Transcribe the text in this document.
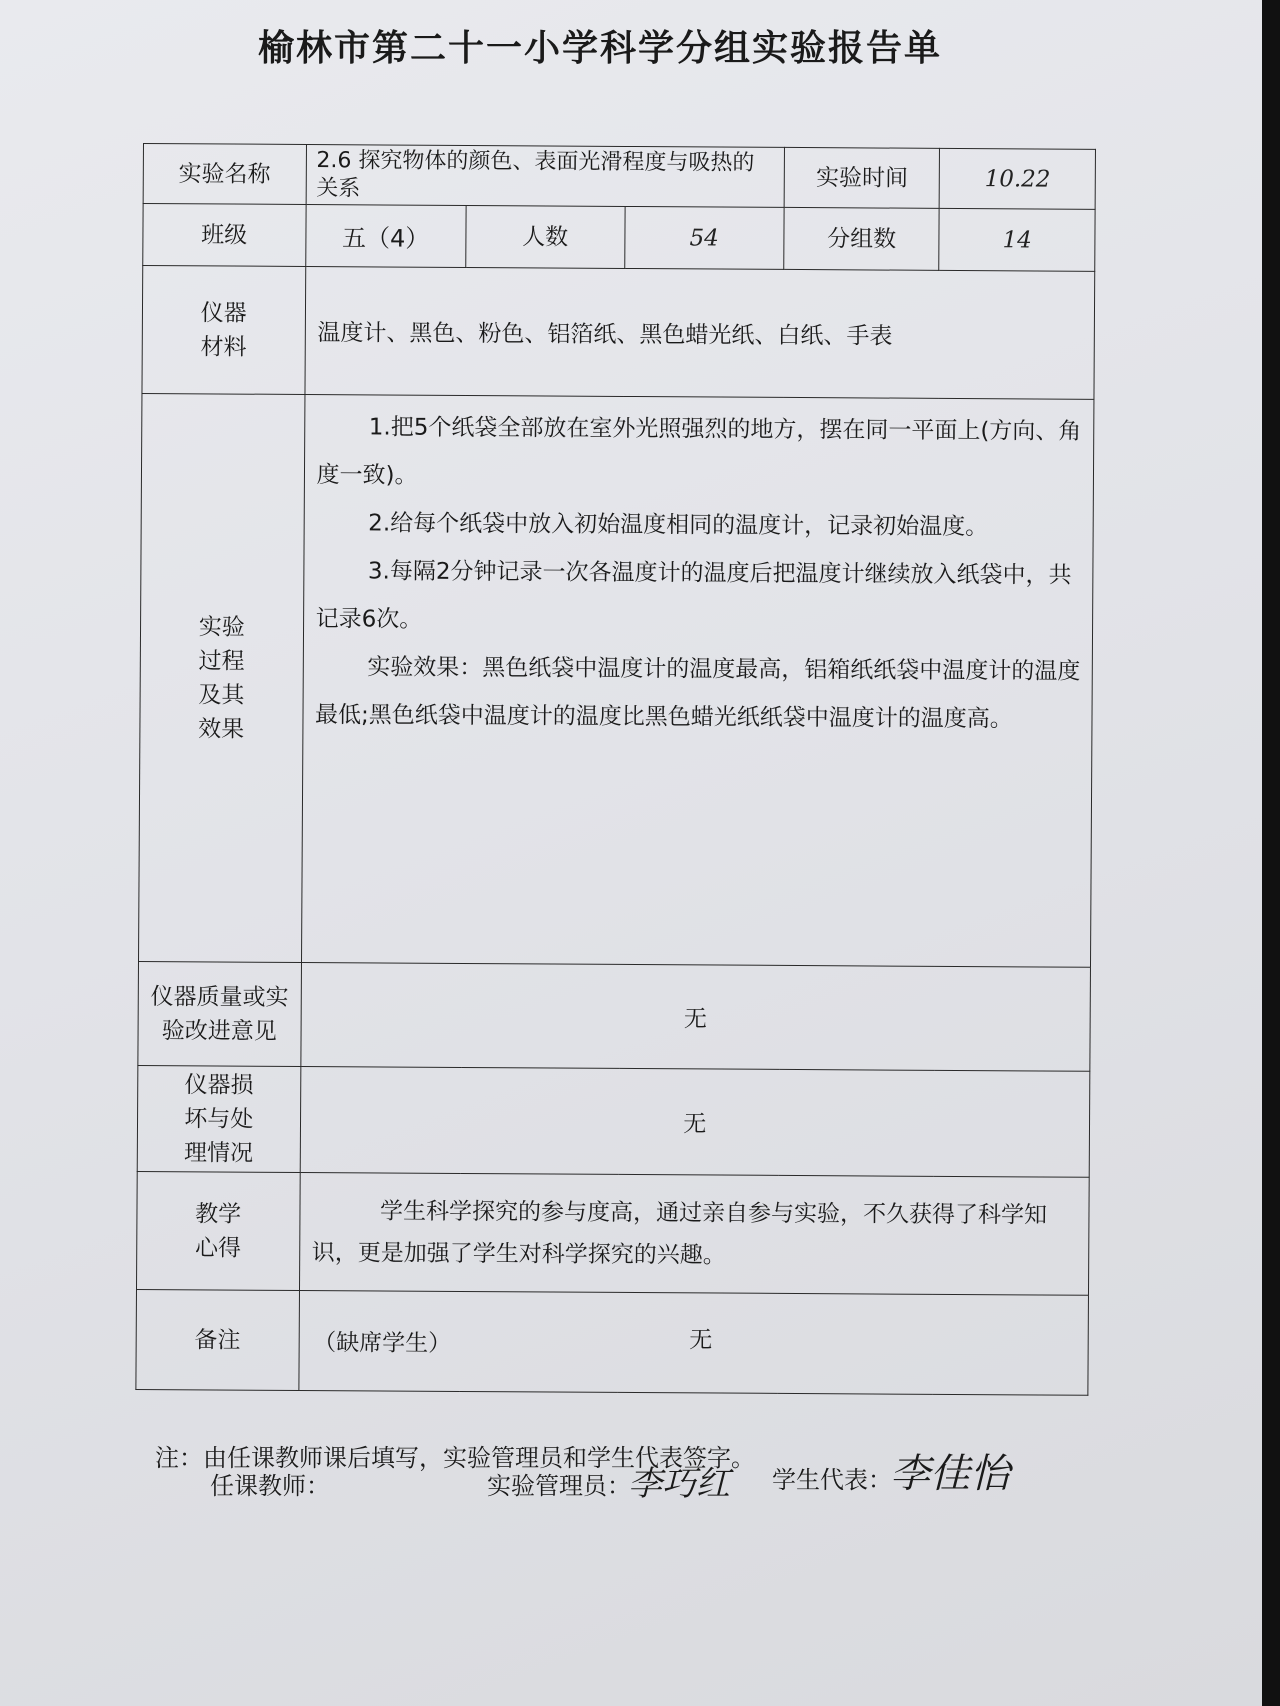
榆林市第二十一小学科学分组实验报告单
实验名称	2.6 探究物体的颜色、表面光滑程度与吸热的关系			实验时间	10.22
班级	五（4）	人数	54	分组数	14

仪器材料	温度计、黑色、粉色、铝箔纸、黑色蜡光纸、白纸、手表				

实验过程及其效果	1.把5个纸袋全部放在室外光照强烈的地方，摆在同一平面上(方向、角度一致)。

2.给每个纸袋中放入初始温度相同的温度计，记录初始温度。

3.每隔2分钟记录一次各温度计的温度后把温度计继续放入纸袋中，共记录6次。

实验效果：黑色纸袋中温度计的温度最高，铝箱纸纸袋中温度计的温度最低;黑色纸袋中温度计的温度比黑色蜡光纸纸袋中温度计的温度高。				

仪器质量或实验改进意见	无				

仪器损坏与处理情况	无				

教学心得	学生科学探究的参与度高，通过亲自参与实验，不久获得了科学知识，更是加强了学生对科学探究的兴趣。				
备注	（缺席学生） 无				
注：由任课教师课后填写，实验管理员和学生代表签字。
任课教师：	实验管理员：
李巧红 学生代表：
李佳怡
